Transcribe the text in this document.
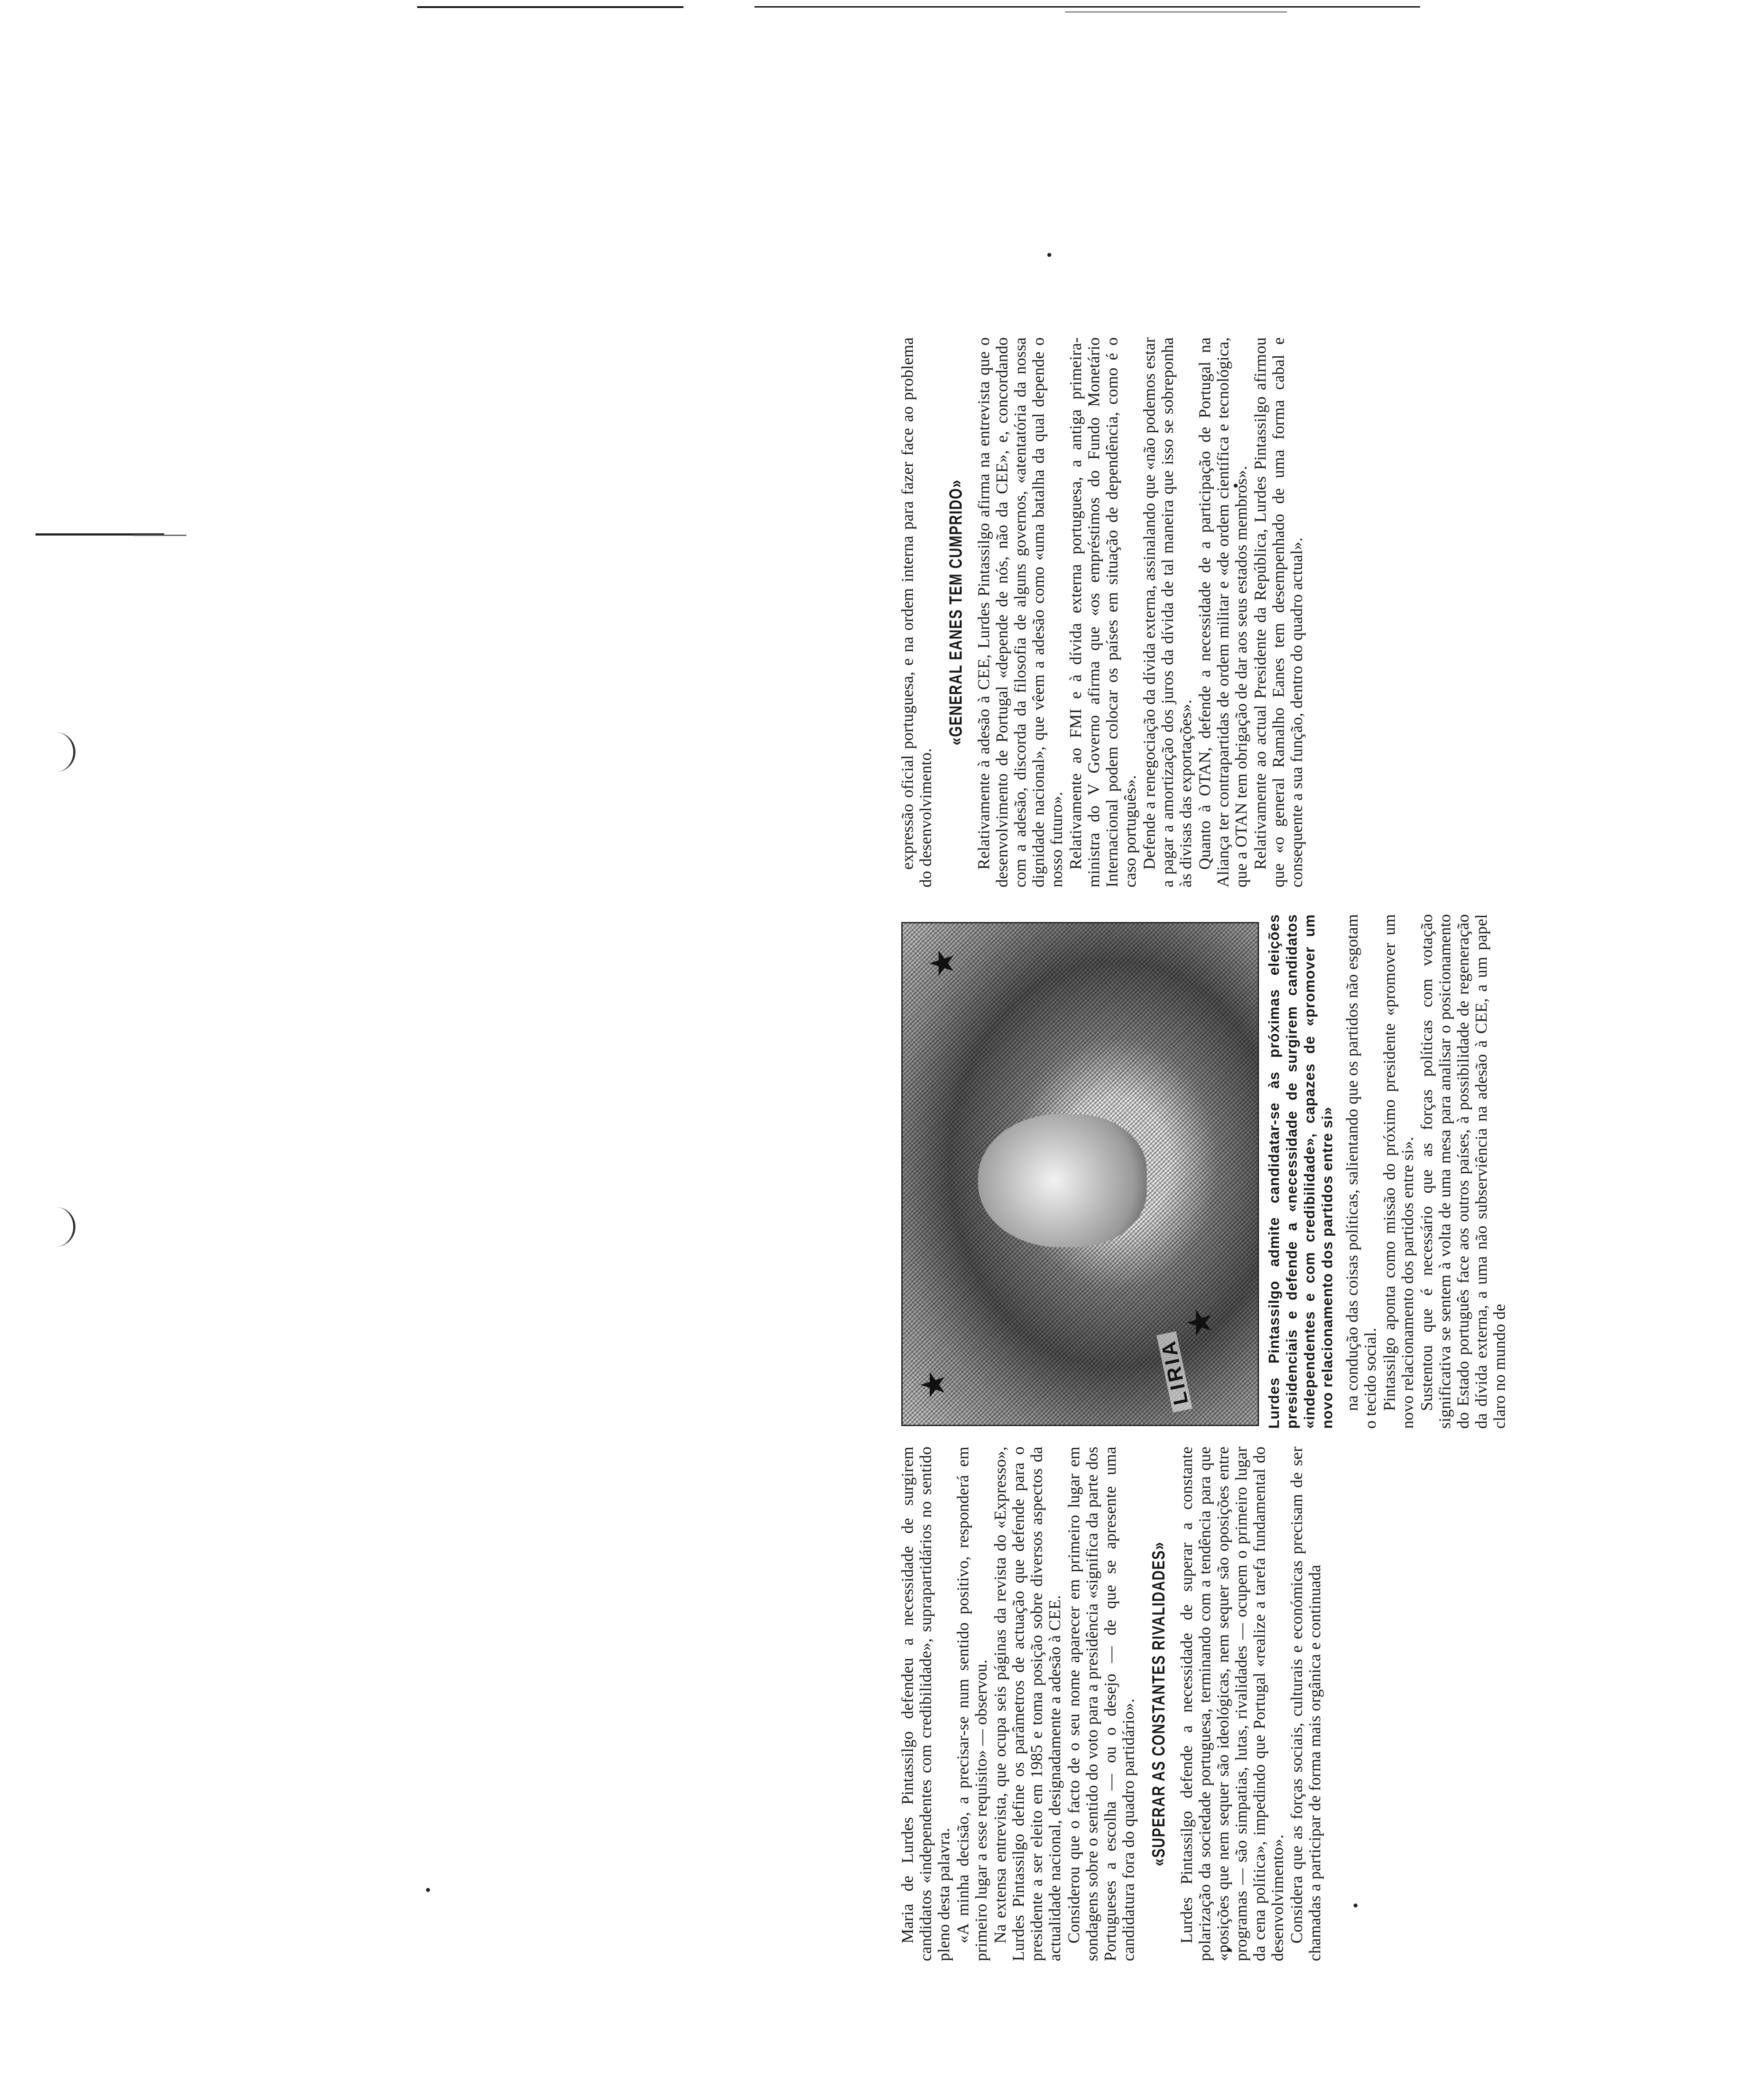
Maria de Lurdes Pintassilgo defendeu a necessidade de surgirem candidatos «independentes com credibilidade», suprapartidários no sentido pleno desta palavra. «A minha decisão, a precisar-se num sentido positivo, responderá em primeiro lugar a esse requisito» — observou. Na extensa entrevista, que ocupa seis páginas da revista do «Expresso», Lurdes Pintassilgo define os parâmetros de actuação que defende para o presidente a ser eleito em 1985 e toma posição sobre diversos aspectos da actualidade nacional, designadamente a adesão à CEE. Considerou que o facto de o seu nome aparecer em primeiro lugar em sondagens sobre o sentido do voto para a presidência «significa da parte dos Portugueses a escolha — ou o desejo — de que se apresente uma candidatura fora do quadro partidário». «SUPERAR AS CONSTANTES RIVALIDADES» Lurdes Pintassilgo defende a necessidade de superar a constante polarização da sociedade portuguesa, terminando com a tendência para que «posições que nem sequer são ideológicas, nem sequer são oposições entre programas — são simpatias, lutas, rivalidades — ocupem o primeiro lugar da cena política», impedindo que Portugal «realize a tarefa fundamental do desenvolvimento». Considera que as forças sociais, culturais e económicas precisam de ser chamadas a participar de forma mais orgânica e continuada

LIRIA	Lurdes Pintassilgo admite candidatar-se às próximas eleições presidenciais e defende a «necessidade de surgirem candidatos «independentes e com credibilidade», capazes de «promover um novo relacionamento dos partidos entre si» na condução das coisas políticas, salientando que os partidos não esgotam o tecido social. Pintassilgo aponta como missão do próximo presidente «promover um novo relacionamento dos partidos entre si». Sustentou que é necessário que as forças políticas com votação significativa se sentem à volta de uma mesa para analisar o posicionamento do Estado português face aos outros países, à possibilidade de regeneração da dívida externa, a uma não subserviência na adesão à CEE, a um papel claro no mundo de

expressão oficial portuguesa, e na ordem interna para fazer face ao problema do desenvolvimento.

«GENERAL EANES TEM CUMPRIDO» Relativamente à adesão à CEE, Lurdes Pintassilgo afirma na entrevista que o desenvolvimento de Portugal «depende de nós, não da CEE», e, concordando com a adesão, discorda da filosofia de alguns governos, «atentatória da nossa dignidade nacional», que vêem a adesão como «uma batalha da qual depende o nosso futuro». Relativamente ao FMI e à dívida externa portuguesa, a antiga primeira-ministra do V Governo afirma que «os empréstimos do Fundo Monetário Internacional podem colocar os países em situação de dependência, como é o caso português». Defende a renegociação da dívida externa, assinalando que «não podemos estar a pagar a amortização dos juros da dívida de tal maneira que isso se sobreponha às divisas das exportações». Quanto à OTAN, defende a necessidade de a participação de Portugal na Aliança ter contrapartidas de ordem militar e «de ordem científica e tecnológica, que a OTAN tem obrigação de dar aos seus estados membros». Relativamente ao actual Presidente da República, Lurdes Pintassilgo afirmou que «o general Ramalho Eanes tem desempenhado de uma forma cabal e consequente a sua função, dentro do quadro actual».
